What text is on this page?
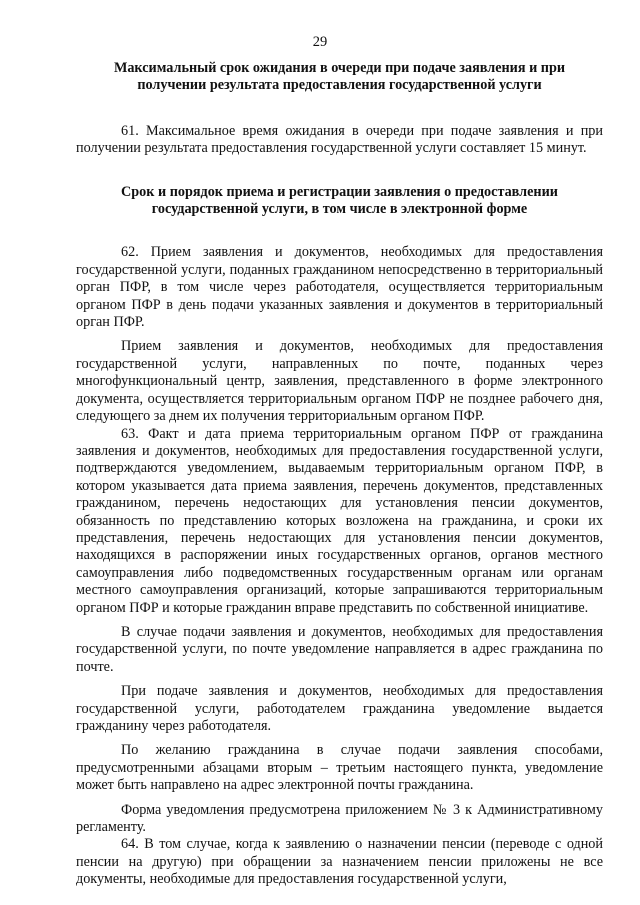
29

Максимальный срок ожидания в очереди при подаче заявления и при получении результата предоставления государственной услуги

61. Максимальное время ожидания в очереди при подаче заявления и при получении результата предоставления государственной услуги составляет 15 минут.

Срок и порядок приема и регистрации заявления о предоставлении государственной услуги, в том числе в электронной форме

62. Прием заявления и документов, необходимых для предоставления государственной услуги, поданных гражданином непосредственно в территориальный орган ПФР, в том числе через работодателя, осуществляется территориальным органом ПФР в день подачи указанных заявления и документов в территориальный орган ПФР.

Прием заявления и документов, необходимых для предоставления государственной услуги, направленных по почте, поданных через многофункциональный центр, заявления, представленного в форме электронного документа, осуществляется территориальным органом ПФР не позднее рабочего дня, следующего за днем их получения территориальным органом ПФР.

63. Факт и дата приема территориальным органом ПФР от гражданина заявления и документов, необходимых для предоставления государственной услуги, подтверждаются уведомлением, выдаваемым территориальным органом ПФР, в котором указывается дата приема заявления, перечень документов, представленных гражданином, перечень недостающих для установления пенсии документов, обязанность по представлению которых возложена на гражданина, и сроки их представления, перечень недостающих для установления пенсии документов, находящихся в распоряжении иных государственных органов, органов местного самоуправления либо подведомственных государственным органам или органам местного самоуправления организаций, которые запрашиваются территориальным органом ПФР и которые гражданин вправе представить по собственной инициативе.

В случае подачи заявления и документов, необходимых для предоставления государственной услуги, по почте уведомление направляется в адрес гражданина по почте.

При подаче заявления и документов, необходимых для предоставления государственной услуги, работодателем гражданина уведомление выдается гражданину через работодателя.

По желанию гражданина в случае подачи заявления способами, предусмотренными абзацами вторым – третьим настоящего пункта, уведомление может быть направлено на адрес электронной почты гражданина.

Форма уведомления предусмотрена приложением № 3 к Административному регламенту.

64. В том случае, когда к заявлению о назначении пенсии (переводе с одной пенсии на другую) при обращении за назначением пенсии приложены не все документы, необходимые для предоставления государственной услуги,
